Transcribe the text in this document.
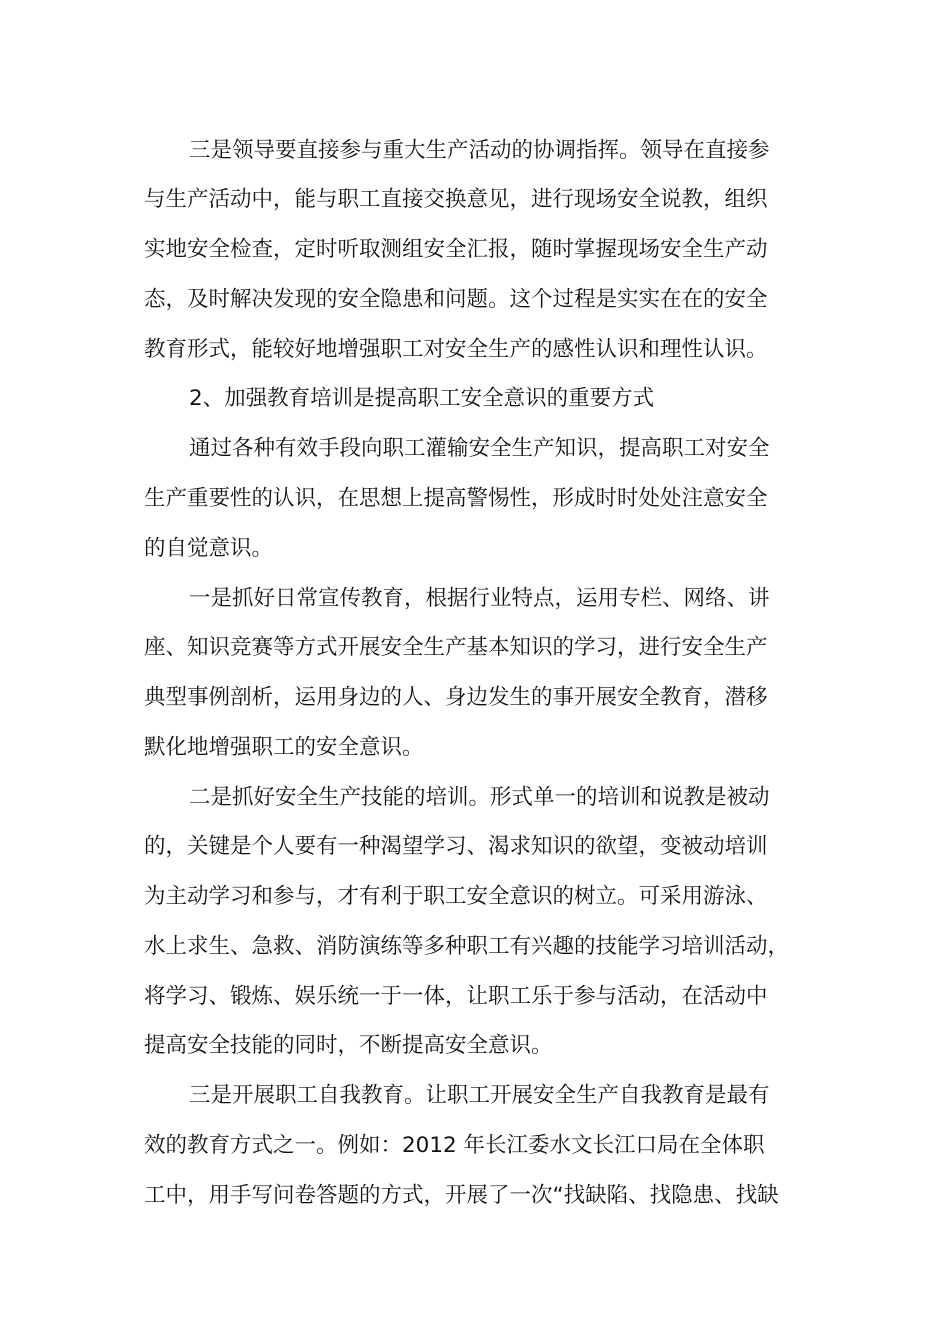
三是领导要直接参与重大生产活动的协调指挥。领导在直接参
与生产活动中，能与职工直接交换意见，进行现场安全说教，组织
实地安全检查，定时听取测组安全汇报，随时掌握现场安全生产动
态，及时解决发现的安全隐患和问题。这个过程是实实在在的安全
教育形式，能较好地增强职工对安全生产的感性认识和理性认识。
2、加强教育培训是提高职工安全意识的重要方式
通过各种有效手段向职工灌输安全生产知识，提高职工对安全
生产重要性的认识，在思想上提高警惕性，形成时时处处注意安全
的自觉意识。
一是抓好日常宣传教育，根据行业特点，运用专栏、网络、讲
座、知识竞赛等方式开展安全生产基本知识的学习，进行安全生产
典型事例剖析，运用身边的人、身边发生的事开展安全教育，潜移
默化地增强职工的安全意识。
二是抓好安全生产技能的培训。形式单一的培训和说教是被动
的，关键是个人要有一种渴望学习、渴求知识的欲望，变被动培训
为主动学习和参与，才有利于职工安全意识的树立。可采用游泳、
水上求生、急救、消防演练等多种职工有兴趣的技能学习培训活动，
将学习、锻炼、娱乐统一于一体，让职工乐于参与活动，在活动中
提高安全技能的同时，不断提高安全意识。
三是开展职工自我教育。让职工开展安全生产自我教育是最有
效的教育方式之一。例如：2012 年长江委水文长江口局在全体职
工中，用手写问卷答题的方式，开展了一次“找缺陷、找隐患、找缺
